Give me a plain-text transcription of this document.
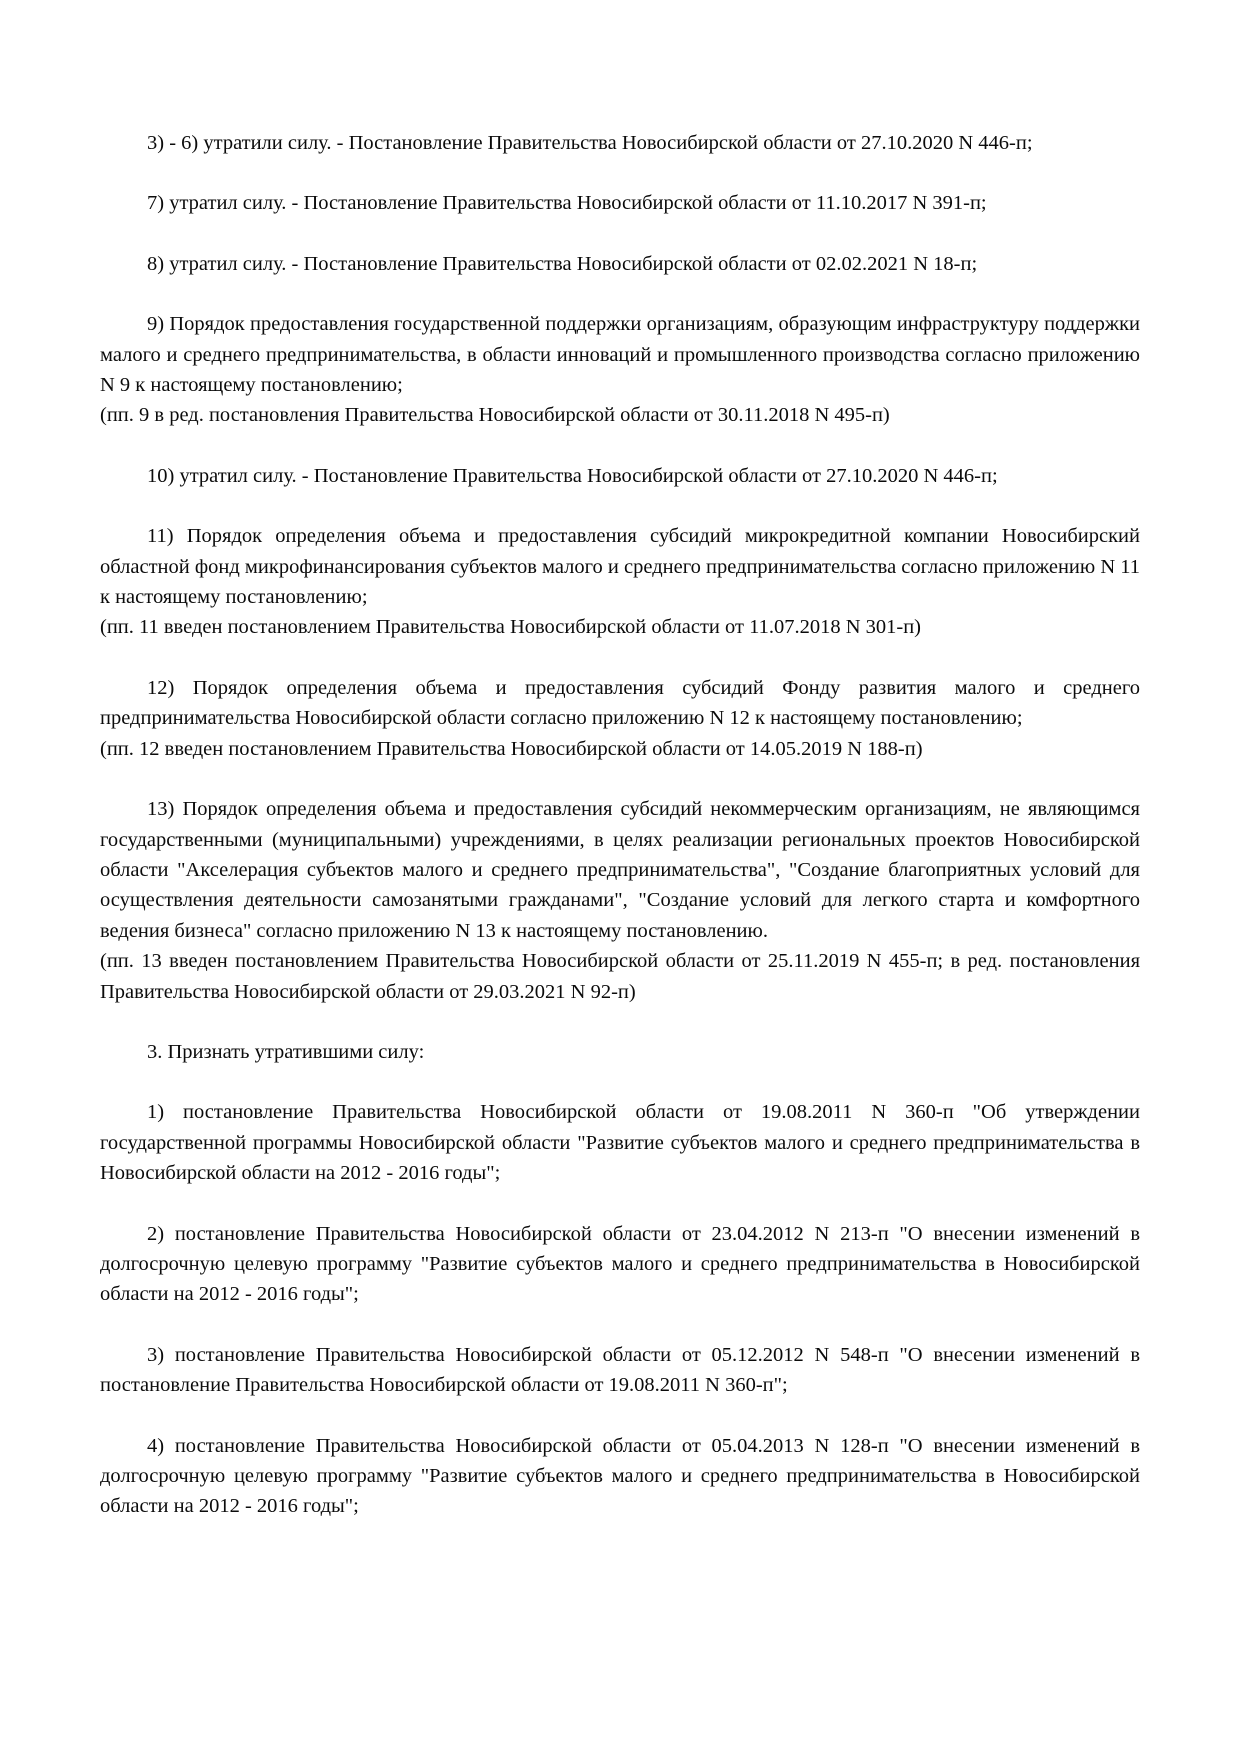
3) - 6) утратили силу. - Постановление Правительства Новосибирской области от 27.10.2020 N 446-п;

7) утратил силу. - Постановление Правительства Новосибирской области от 11.10.2017 N 391-п;

8) утратил силу. - Постановление Правительства Новосибирской области от 02.02.2021 N 18-п;

9) Порядок предоставления государственной поддержки организациям, образующим инфраструктуру поддержки малого и среднего предпринимательства, в области инноваций и промышленного производства согласно приложению N 9 к настоящему постановлению;

(пп. 9 в ред. постановления Правительства Новосибирской области от 30.11.2018 N 495-п)

10) утратил силу. - Постановление Правительства Новосибирской области от 27.10.2020 N 446-п;

11) Порядок определения объема и предоставления субсидий микрокредитной компании Новосибирский областной фонд микрофинансирования субъектов малого и среднего предпринимательства согласно приложению N 11 к настоящему постановлению;

(пп. 11 введен постановлением Правительства Новосибирской области от 11.07.2018 N 301-п)

12) Порядок определения объема и предоставления субсидий Фонду развития малого и среднего предпринимательства Новосибирской области согласно приложению N 12 к настоящему постановлению;

(пп. 12 введен постановлением Правительства Новосибирской области от 14.05.2019 N 188-п)

13) Порядок определения объема и предоставления субсидий некоммерческим организациям, не являющимся государственными (муниципальными) учреждениями, в целях реализации региональных проектов Новосибирской области "Акселерация субъектов малого и среднего предпринимательства", "Создание благоприятных условий для осуществления деятельности самозанятыми гражданами", "Создание условий для легкого старта и комфортного ведения бизнеса" согласно приложению N 13 к настоящему постановлению.

(пп. 13 введен постановлением Правительства Новосибирской области от 25.11.2019 N 455-п; в ред. постановления Правительства Новосибирской области от 29.03.2021 N 92-п)

3. Признать утратившими силу:

1) постановление Правительства Новосибирской области от 19.08.2011 N 360-п "Об утверждении государственной программы Новосибирской области "Развитие субъектов малого и среднего предпринимательства в Новосибирской области на 2012 - 2016 годы";

2) постановление Правительства Новосибирской области от 23.04.2012 N 213-п "О внесении изменений в долгосрочную целевую программу "Развитие субъектов малого и среднего предпринимательства в Новосибирской области на 2012 - 2016 годы";

3) постановление Правительства Новосибирской области от 05.12.2012 N 548-п "О внесении изменений в постановление Правительства Новосибирской области от 19.08.2011 N 360-п";

4) постановление Правительства Новосибирской области от 05.04.2013 N 128-п "О внесении изменений в долгосрочную целевую программу "Развитие субъектов малого и среднего предпринимательства в Новосибирской области на 2012 - 2016 годы";
